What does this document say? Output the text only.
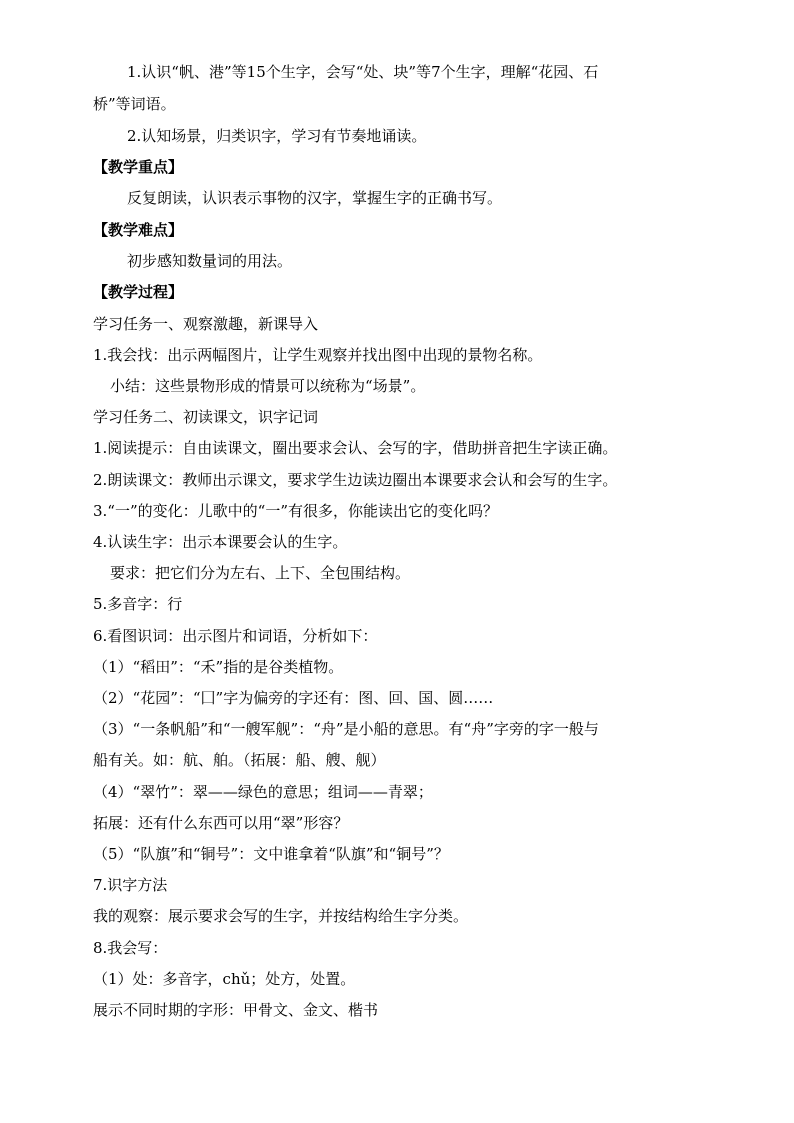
1.认识“帆、港”等15个生字，会写“处、块”等7个生字，理解“花园、石
桥”等词语。
2.认知场景，归类识字，学习有节奏地诵读。
【教学重点】
反复朗读，认识表示事物的汉字，掌握生字的正确书写。
【教学难点】
初步感知数量词的用法。
【教学过程】
学习任务一、观察激趣，新课导入
1.我会找：出示两幅图片，让学生观察并找出图中出现的景物名称。
小结：这些景物形成的情景可以统称为“场景”。
学习任务二、初读课文，识字记词
1.阅读提示：自由读课文，圈出要求会认、会写的字，借助拼音把生字读正确。
2.朗读课文：教师出示课文，要求学生边读边圈出本课要求会认和会写的生字。
3.“一”的变化：儿歌中的“一”有很多，你能读出它的变化吗？
4.认读生字：出示本课要会认的生字。
要求：把它们分为左右、上下、全包围结构。
5.多音字：行
6.看图识词：出示图片和词语，分析如下：
（1）“稻田”：“禾”指的是谷类植物。
（2）“花园”：“囗”字为偏旁的字还有：图、回、国、圆……
（3）“一条帆船”和“一艘军舰”：“舟”是小船的意思。有“舟”字旁的字一般与
船有关。如：航、舶。（拓展：船、艘、舰）
（4）“翠竹”：翠——绿色的意思；组词——青翠；
拓展：还有什么东西可以用“翠”形容？
（5）“队旗”和“铜号”：文中谁拿着“队旗”和“铜号”？
7.识字方法
我的观察：展示要求会写的生字，并按结构给生字分类。
8.我会写：
（1）处：多音字，chǔ；处方，处置。
展示不同时期的字形：甲骨文、金文、楷书
